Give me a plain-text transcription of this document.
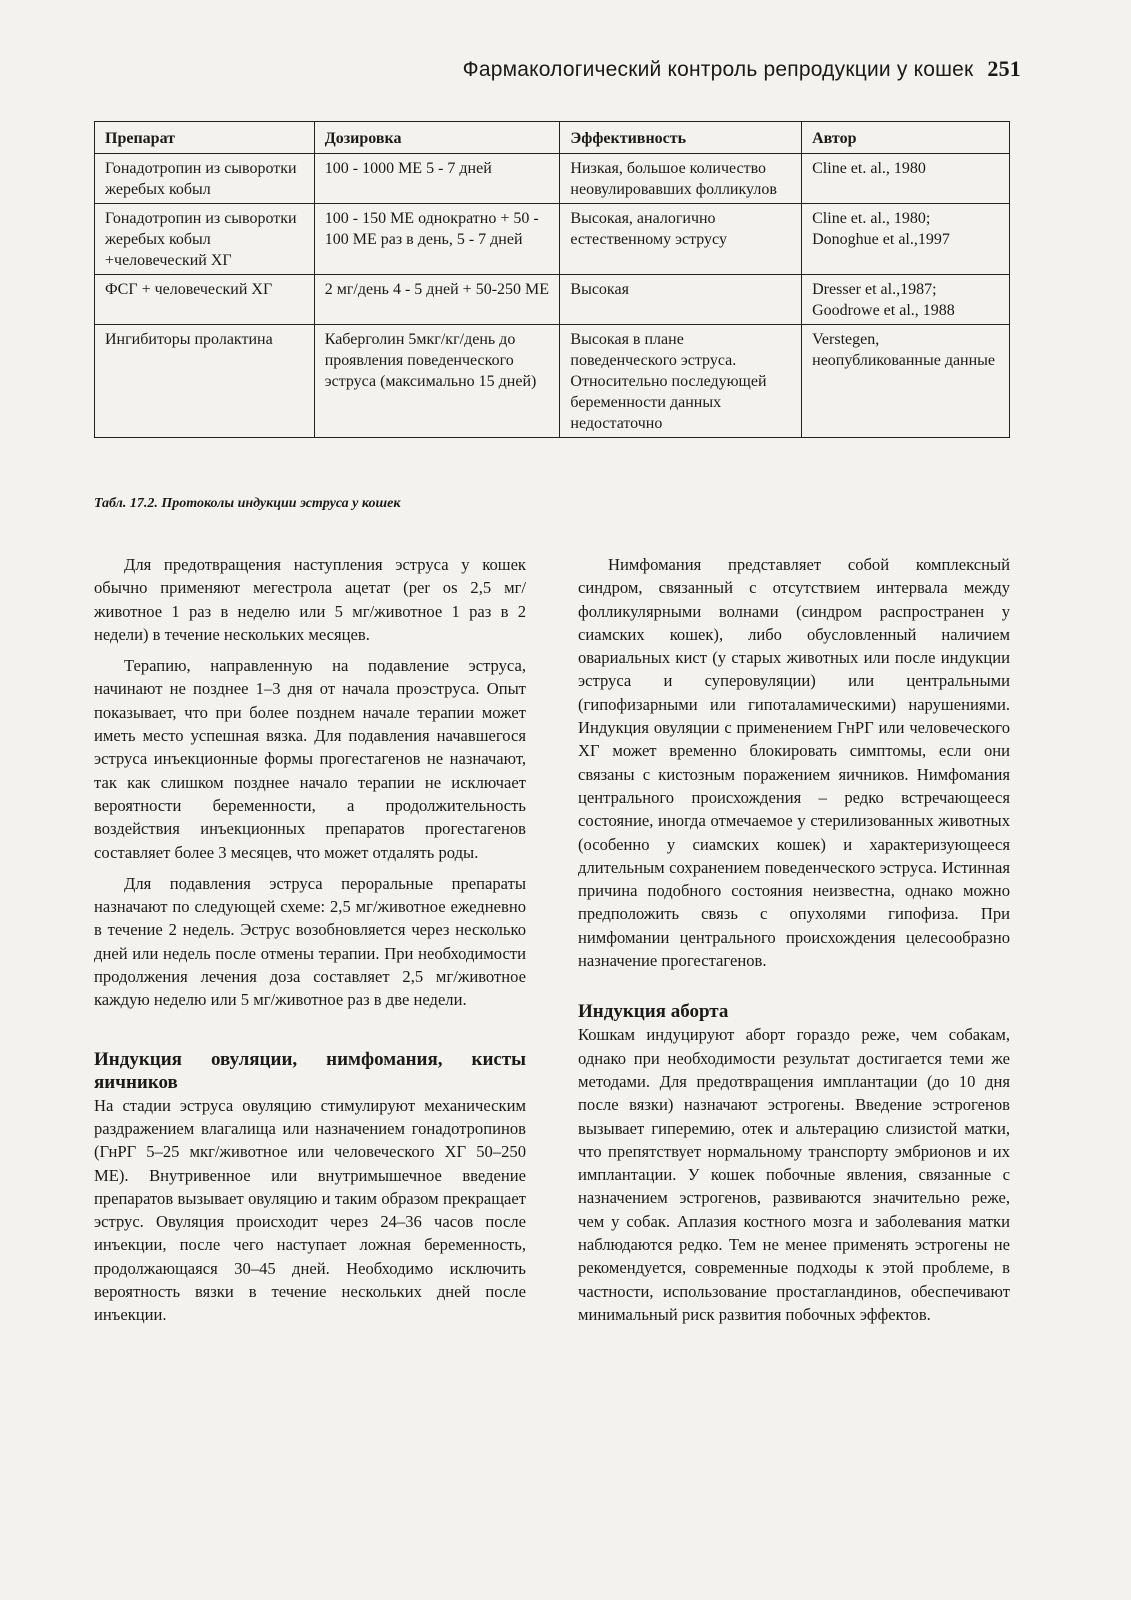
Фармакологический контроль репродукции у кошек 251
Препарат	Дозировка	Эффективность	Автор
Гонадотропин из сыворотки жеребых кобыл	100 - 1000 МЕ 5 - 7 дней	Низкая, большое количество неовулировавших фолликулов	Cline et. al., 1980
Гонадотропин из сыворотки жеребых кобыл +человеческий ХГ	100 - 150 МЕ однократно + 50 - 100 МЕ раз в день, 5 - 7 дней	Высокая, аналогично естественному эструсу	Cline et. al., 1980; Donoghue et al.,1997
ФСГ + человеческий ХГ	2 мг/день 4 - 5 дней + 50-250 МЕ	Высокая	Dresser et al.,1987; Goodrowe et al., 1988
Ингибиторы пролактина	Каберголин 5мкг/кг/день до проявления поведенческого эструса (максимально 15 дней)	Высокая в плане поведенческого эструса. Относительно последующей беременности данных недостаточно	Verstegen, неопубликованные данные
Табл. 17.2. Протоколы индукции эструса у кошек

Для предотвращения наступления эструса у кошек обычно применяют мегестрола ацетат (per os 2,5 мг/животное 1 раз в неделю или 5 мг/животное 1 раз в 2 недели) в течение нескольких месяцев.

Терапию, направленную на подавление эструса, начинают не позднее 1–3 дня от начала проэструса. Опыт показывает, что при более позднем начале терапии может иметь место успешная вязка. Для подавления начавшегося эструса инъекционные формы прогестагенов не назначают, так как слишком позднее начало терапии не исключает вероятности беременности, а продолжительность воздействия инъекционных препаратов прогестагенов составляет более 3 месяцев, что может отдалять роды.

Для подавления эструса пероральные препараты назначают по следующей схеме: 2,5 мг/животное ежедневно в течение 2 недель. Эструс возобновляется через несколько дней или недель после отмены терапии. При необходимости продолжения лечения доза составляет 2,5 мг/животное каждую неделю или 5 мг/животное раз в две недели.

Индукция овуляции, нимфомания, кисты яичников

На стадии эструса овуляцию стимулируют механическим раздражением влагалища или назначением гонадотропинов (ГнРГ 5–25 мкг/животное или человеческого ХГ 50–250 МЕ). Внутривенное или внутримышечное введение препаратов вызывает овуляцию и таким образом прекращает эструс. Овуляция происходит через 24–36 часов после инъекции, после чего наступает ложная беременность, продолжающаяся 30–45 дней. Необходимо исключить вероятность вязки в течение нескольких дней после инъекции.

Нимфомания представляет собой комплексный синдром, связанный с отсутствием интервала между фолликулярными волнами (синдром распространен у сиамских кошек), либо обусловленный наличием овариальных кист (у старых животных или после индукции эструса и суперовуляции) или центральными (гипофизарными или гипоталамическими) нарушениями. Индукция овуляции с применением ГнРГ или человеческого ХГ может временно блокировать симптомы, если они связаны с кистозным поражением яичников. Нимфомания центрального происхождения – редко встречающееся состояние, иногда отмечаемое у стерилизованных животных (особенно у сиамских кошек) и характеризующееся длительным сохранением поведенческого эструса. Истинная причина подобного состояния неизвестна, однако можно предположить связь с опухолями гипофиза. При нимфомании центрального происхождения целесообразно назначение прогестагенов.

Индукция аборта

Кошкам индуцируют аборт гораздо реже, чем собакам, однако при необходимости результат достигается теми же методами. Для предотвращения имплантации (до 10 дня после вязки) назначают эстрогены. Введение эстрогенов вызывает гиперемию, отек и альтерацию слизистой матки, что препятствует нормальному транспорту эмбрионов и их имплантации. У кошек побочные явления, связанные с назначением эстрогенов, развиваются значительно реже, чем у собак. Аплазия костного мозга и заболевания матки наблюдаются редко. Тем не менее применять эстрогены не рекомендуется, современные подходы к этой проблеме, в частности, использование простагландинов, обеспечивают минимальный риск развития побочных эффектов.
